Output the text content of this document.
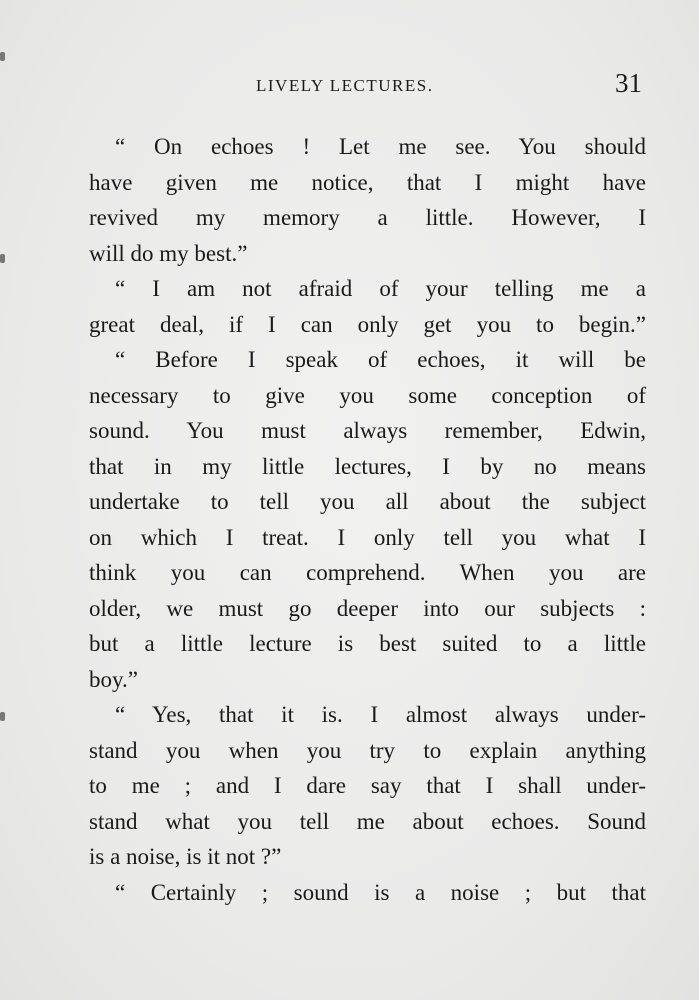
LIVELY LECTURES.	31
“ On echoes ! Let me see. You should
have given me notice, that I might have
revived my memory a little. However, I
will do my best.”
“ I am not afraid of your telling me a
great deal, if I can only get you to begin.”
“ Before I speak of echoes, it will be
necessary to give you some conception of
sound. You must always remember, Edwin,
that in my little lectures, I by no means
undertake to tell you all about the subject
on which I treat. I only tell you what I
think you can comprehend. When you are
older, we must go deeper into our subjects :
but a little lecture is best suited to a little
boy.”
“ Yes, that it is. I almost always under-
stand you when you try to explain anything
to me ; and I dare say that I shall under-
stand what you tell me about echoes. Sound
is a noise, is it not ?”
“ Certainly ; sound is a noise ; but that
